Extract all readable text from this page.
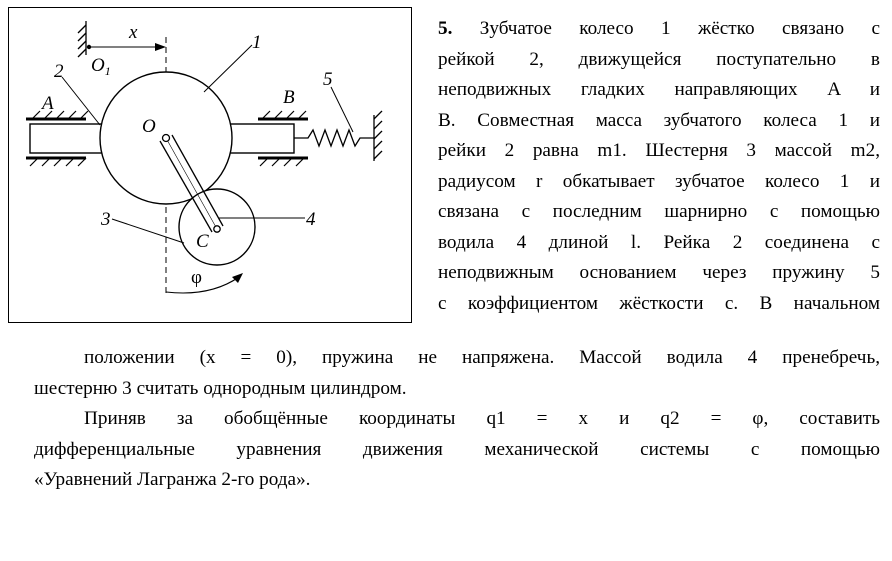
x
$O_1$
1
2
A	B
5
O
3	4
C
φ
5. Зубчатое колесо 1 жёстко связано с
рейкой 2, движущейся поступательно в
неподвижных гладких направляющих A и
B. Совместная масса зубчатого колеса 1 и
рейки 2 равна m1. Шестерня 3 массой m2,
радиусом r обкатывает зубчатое колесо 1 и
связана с последним шарнирно с помощью
водила 4 длиной l. Рейка 2 соединена с
неподвижным основанием через пружину 5
с коэффициентом жёсткости c. В начальном
положении (x = 0), пружина не напряжена. Массой водила 4 пренебречь,
шестерню 3 считать однородным цилиндром.
Приняв за обобщённые координаты q1 = x и q2 = φ, составить
дифференциальные уравнения движения механической системы с помощью
«Уравнений Лагранжа 2-го рода».
